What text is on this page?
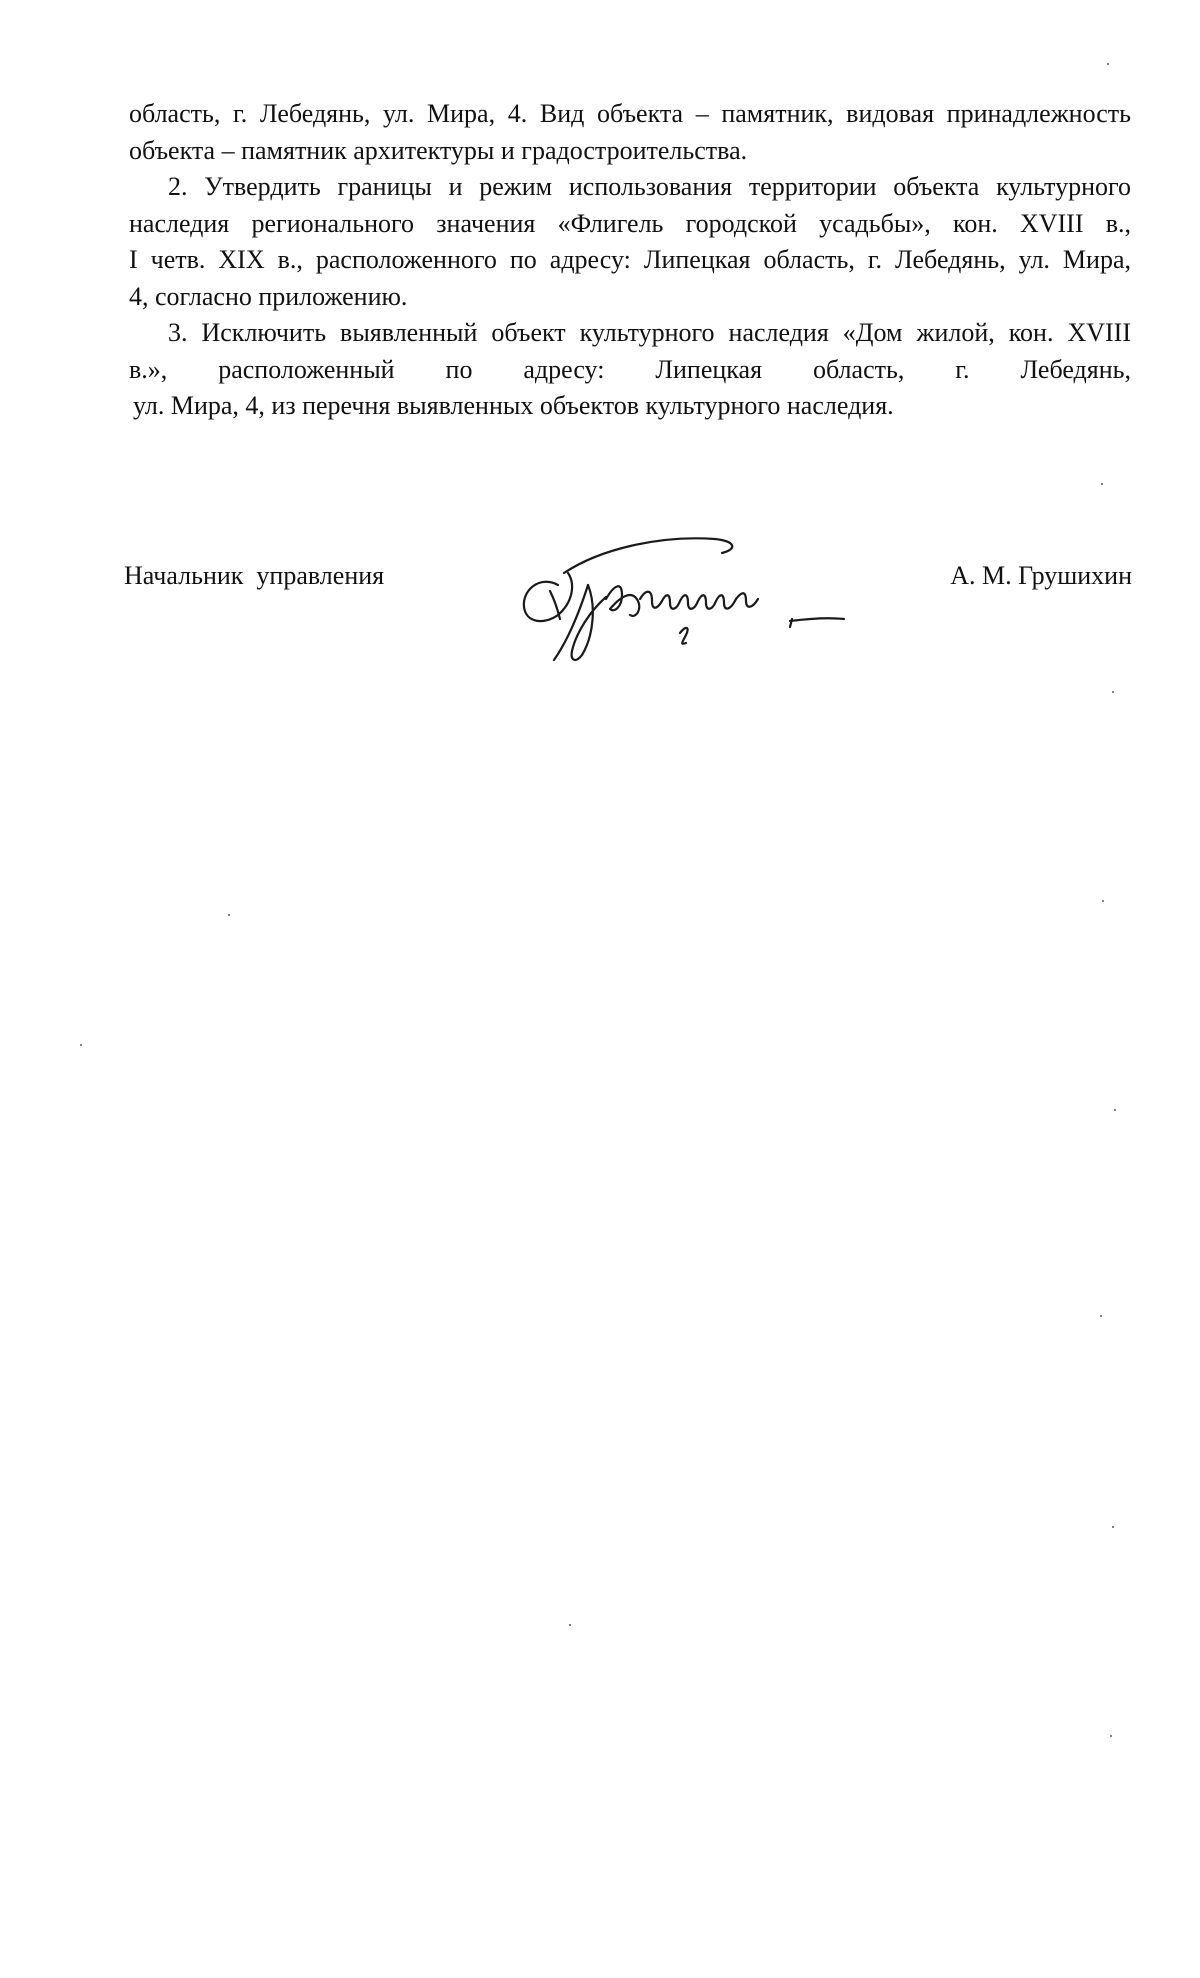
область, г. Лебедянь, ул. Мира, 4. Вид объекта – памятник, видовая принадлежность
объекта – памятник архитектуры и градостроительства.

2. Утвердить границы и режим использования территории объекта культурного
наследия регионального значения «Флигель городской усадьбы», кон. XVIII в.,
I четв. XIX в., расположенного по адресу: Липецкая область, г. Лебедянь, ул. Мира,
4, согласно приложению.

3. Исключить выявленный объект культурного наследия «Дом жилой, кон. XVIII
в.», расположенный по адресу: Липецкая область, г. Лебедянь,
ул. Мира, 4, из перечня выявленных объектов культурного наследия.

Начальник  управления	А. М. Грушихин
